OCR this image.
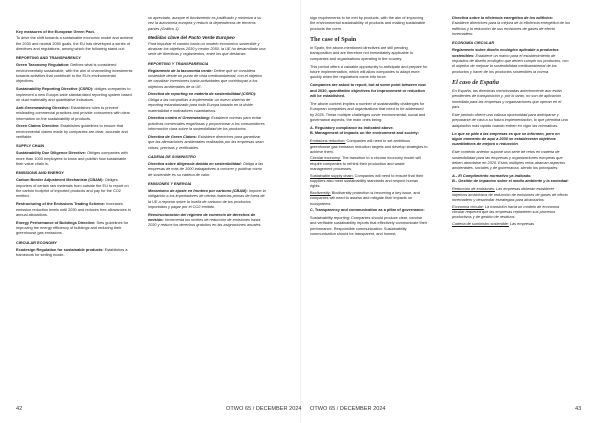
Key measures of the European Green Pact.

To drive the shift towards a sustainable economic model and achieve the 2030 and neutral 2050 goals, the EU has developed a series of directives and regulations, among which the following stand out:

REPORTING AND TRANSPARENCY

Green Taxonomy Regulation: Defines what is considered environmentally sustainable, with the aim of channelling investments towards activities that contribute to the EU's environmental objectives.

Sustainability Reporting Directive (CSRD): obliges companies to implement a new Europe-wide standardised reporting system based on dual materiality and quantitative indicators.

Anti-Greenwashing Directive: Establishes rules to prevent misleading commercial practices and provide consumers with clear information on the sustainability of products.

Green Claims Directive: Establishes guidelines to ensure that environmental claims made by companies are clear, accurate and verifiable.

SUPPLY CHAIN

Sustainability Due Diligence Directive: Obliges companies with more than 1000 employees to know and publish how sustainable their value chain is.

EMISSIONS AND ENERGY

Carbon Border Adjustment Mechanism (CBAM): Obliges importers of certain raw materials from outside the EU to report on the carbon footprint of imported products and pay for the CO2 emitted.

Restructuring of the Emissions Trading Scheme: Increases emission reduction levels until 2030 and reduces free allowances in annual allocations.

Energy Performance of Buildings Directive: Sets guidelines for improving the energy efficiency of buildings and reducing their greenhouse gas emissions.

CIRCULAR ECONOMY

Ecodesign Regulation for sustainable products: Establishes a framework for setting ecode-

so apreciado, aunque el fundamento es justificado y minimiza a su vez la autonomía europea y reducir la dependencia de terceros países (Gráfico 1).

Medidas clave del Pacto Verde Europeo

Para impulsar el cambio hacia un modelo económico sostenible y alcanzar los objetivos 2030 y neutro 2050, la UE ha desarrollado una serie de directivas y reglamentos, entre los que destacan:

REPORTING Y TRANSPARENCIA

Reglamento de la taxonomía verde: Define qué se considera sostenible desde un punto de vista medioambiental, con el objetivo de canalizar inversiones hacia actividades que contribuyan a los objetivos ambientales de la UE.

Directiva de reporting en materia de sostenibilidad (CSRD): Obliga a las compañías a implementar un nuevo sistema de reporting estandarizado para toda Europa basado en la doble materialidad e indicadores cuantitativos.

Directiva contra el Greenwashing: Establece normas para evitar prácticas comerciales engañosas y proporcionar a los consumidores información clara sobre la sostenibilidad de los productos.

Directiva de Green Claims: Establece directrices para garantizar que las afirmaciones ambientales realizadas por las empresas sean claras, precisas y verificables.

CADENA DE SUMINISTRO

Directiva sobre diligencia debida en sostenibilidad: Obliga a las empresas de más de 1000 trabajadores a conocer y publicar cómo de sostenible es su cadena de valor.

EMISIONES Y ENERGÍA

Mecanismo de ajuste en frontera por carbono (CBAM): Impone la obligación a los importadores de ciertas materias primas de fuera de la UE a reportar sobre la huella de carbono de los productos importados y pagar por el CO2 emitido.

Reestructuración del régimen de comercio de derechos de emisión: Incrementa los niveles de reducción de emisiones hasta 2030 y reduce los derechos gratuitos en las asignaciones anuales.

sign requirements to be met by products, with the aim of improving the environmental sustainability of products and making sustainable products the norm.

The case of Spain

In Spain, the above-mentioned directives are still pending transposition and are therefore not immediately applicable to companies and organisations operating in the country.

This period offers a valuable opportunity to anticipate and prepare for future implementation, which will allow companies to adapt more quickly when the regulations come into force.

Companies are asked to report, but at some point between now and 2030, quantitative objectives for improvement or reduction will be established.

The above context implies a number of sustainability challenges for European companies and organisations that need to be addressed by 2025. These multiple challenges cover environmental, social and governance aspects, the main ones being:

A. Regulatory compliance as indicated above.

B. Management of impacts on the environment and society:

Emissions reduction: Companies will need to set ambitious greenhouse gas emission reduction targets and develop strategies to achieve them.

Circular economy: The transition to a circular economy model will require companies to rethink their production and waste management processes.

Sustainable supply chain: Companies will need to ensure that their suppliers also meet sustainability standards and respect human rights.

Biodiversity: Biodiversity protection is becoming a key issue, and companies will need to assess and mitigate their impacts on ecosystems.

C. Transparency and communication as a pillar of governance:

Sustainability reporting: Companies should produce clear, concise and verifiable sustainability reports that effectively communicate their performance. Responsible communication: Sustainability communication should be transparent, and honest,

Directiva sobre la eficiencia energética de los edificios: Establece directrices para la mejora de la eficiencia energética de los edificios y la reducción de sus emisiones de gases de efecto invernadero.

ECONOMÍA CIRCULAR

Reglamento sobre diseño ecológico aplicable a productos sostenibles: Establece un marco para el establecimiento de requisitos de diseño ecológico que deben cumplir los productos, con el objetivo de mejorar la sostenibilidad medioambiental de los productos y hacer de los productos sostenibles la norma.

El caso de España

En España, las directivas mencionadas anteriormente aún están pendientes de transposición y, por lo tanto, no son de aplicación inmediata para las empresas y organizaciones que operan en el país.

Este periodo ofrece una valiosa oportunidad para anticiparse y prepararse de cara a su futura implementación, lo que permitirá una adaptación más rápida cuando entren en vigor las normativas.

Lo que se pide a las empresas es que se informen, pero en algún momento de aquí a 2030 se establecerán objetivos cuantitativos de mejora o reducción

Este contexto anterior supone una serie de retos en materia de sostenibilidad para las empresas y organizaciones europeas que deben abordarse en 2025. Estos múltiples retos abarcan aspectos ambientales, sociales y de gobernanza, siendo los principales:

A.- El Cumplimiento normativo ya indicado.

B.- Gestión de impactos sobre el medio ambiente y la sociedad:

Reducción de emisiones: Las empresas deberán establecer objetivos ambiciosos de reducción de emisiones de gases de efecto invernadero y desarrollar estrategias para alcanzarlos.

Economía circular: La transición hacia un modelo de economía circular requerirá que las empresas replanteen sus procesos productivos y de gestión de residuos.

Cadena de suministro sostenible: Las empresas

42	OTWO 65 / DECEMBER 2024 OTWO 65 / DECEMBER 2024	43
